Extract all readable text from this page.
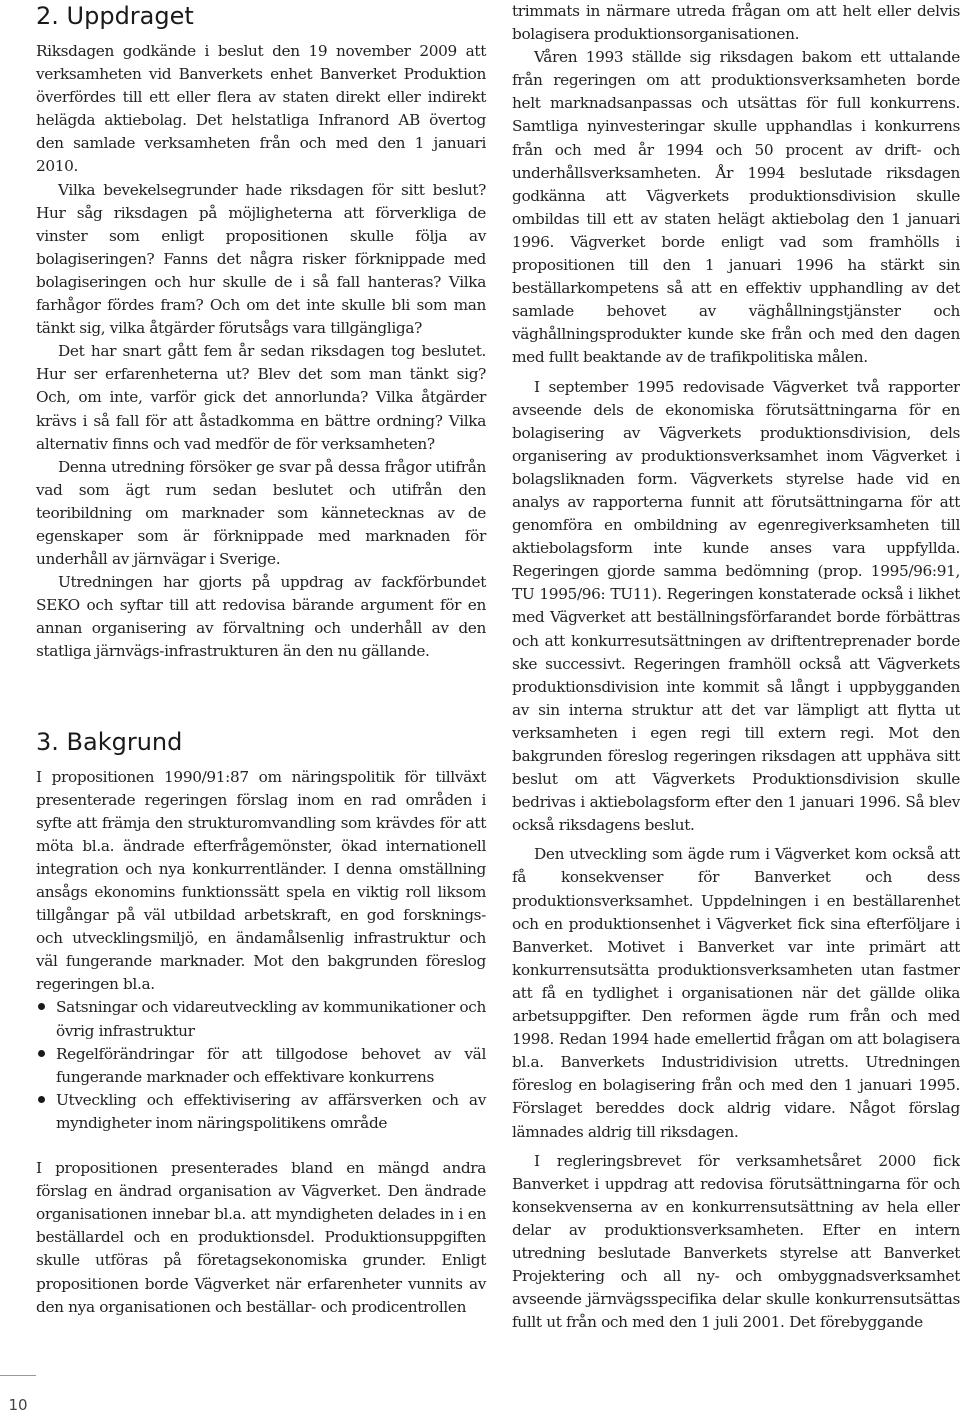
2. Uppdraget

Riksdagen godkände i beslut den 19 november 2009 att verksamheten vid Banverkets enhet Banverket Produktion överfördes till ett eller flera av staten direkt eller indirekt helägda aktiebolag. Det helstatliga Infranord AB övertog den samlade verksamheten från och med den 1 januari 2010.

Vilka bevekelsegrunder hade riksdagen för sitt beslut? Hur såg riksdagen på möjligheterna att förverkliga de vinster som enligt propositionen skulle följa av bolagiseringen? Fanns det några risker förknippade med bolagiseringen och hur skulle de i så fall hanteras? Vilka farhågor fördes fram? Och om det inte skulle bli som man tänkt sig, vilka åtgärder förutsågs vara tillgängliga?

Det har snart gått fem år sedan riksdagen tog beslutet. Hur ser erfarenheterna ut? Blev det som man tänkt sig? Och, om inte, varför gick det annorlunda? Vilka åtgärder krävs i så fall för att åstadkomma en bättre ordning? Vilka alternativ finns och vad medför de för verksamheten?

Denna utredning försöker ge svar på dessa frågor utifrån vad som ägt rum sedan beslutet och utifrån den teoribildning om marknader som kännetecknas av de egenskaper som är förknippade med marknaden för underhåll av järnvägar i Sverige.

Utredningen har gjorts på uppdrag av fackförbundet SEKO och syftar till att redovisa bärande argument för en annan organisering av förvaltning och underhåll av den statliga järnvägs-infrastrukturen än den nu gällande.

3. Bakgrund

I propositionen 1990/91:87 om näringspolitik för tillväxt presenterade regeringen förslag inom en rad områden i syfte att främja den strukturomvandling som krävdes för att möta bl.a. ändrade efterfrågemönster, ökad internationell integration och nya konkurrentländer. I denna omställning ansågs ekonomins funktionssätt spela en viktig roll liksom tillgångar på väl utbildad arbetskraft, en god forsknings- och utvecklingsmiljö, en ändamålsenlig infrastruktur och väl fungerande marknader. Mot den bakgrunden föreslog regeringen bl.a.

Satsningar och vidareutveckling av kommunikationer och övrig infrastruktur
Regelförändringar för att tillgodose behovet av väl fungerande marknader och effektivare konkurrens
Utveckling och effektivisering av affärsverken och av myndigheter inom näringspolitikens område

I propositionen presenterades bland en mängd andra förslag en ändrad organisation av Vägverket. Den ändrade organisationen innebar bl.a. att myndigheten delades in i en beställardel och en produktionsdel. Produktionsuppgiften skulle utföras på företagsekonomiska grunder. Enligt propositionen borde Vägverket när erfarenheter vunnits av den nya organisationen och beställar- och prodicentrollen

trimmats in närmare utreda frågan om att helt eller delvis bolagisera produktionsorganisationen.

Våren 1993 ställde sig riksdagen bakom ett uttalande från regeringen om att produktionsverksamheten borde helt marknadsanpassas och utsättas för full konkurrens. Samtliga nyinvesteringar skulle upphandlas i konkurrens från och med år 1994 och 50 procent av drift- och underhållsverksamheten. År 1994 beslutade riksdagen godkänna att Vägverkets produktionsdivision skulle ombildas till ett av staten helägt aktiebolag den 1 januari 1996. Vägverket borde enligt vad som framhölls i propositionen till den 1 januari 1996 ha stärkt sin beställarkompetens så att en effektiv upphandling av det samlade behovet av väghållningstjänster och väghållningsprodukter kunde ske från och med den dagen med fullt beaktande av de trafikpolitiska målen.

I september 1995 redovisade Vägverket två rapporter avseende dels de ekonomiska förutsättningarna för en bolagisering av Vägverkets produktionsdivision, dels organisering av produktionsverksamhet inom Vägverket i bolagsliknaden form. Vägverkets styrelse hade vid en analys av rapporterna funnit att förutsättningarna för att genomföra en ombildning av egenregiverksamheten till aktiebolagsform inte kunde anses vara uppfyllda. Regeringen gjorde samma bedömning (prop. 1995/96:91, TU 1995/96: TU11). Regeringen konstaterade också i likhet med Vägverket att beställningsförfarandet borde förbättras och att konkurresutsättningen av driftentreprenader borde ske successivt. Regeringen framhöll också att Vägverkets produktionsdivision inte kommit så långt i uppbygganden av sin interna struktur att det var lämpligt att flytta ut verksamheten i egen regi till extern regi. Mot den bakgrunden föreslog regeringen riksdagen att upphäva sitt beslut om att Vägverkets Produktionsdivision skulle bedrivas i aktiebolagsform efter den 1 januari 1996. Så blev också riksdagens beslut.

Den utveckling som ägde rum i Vägverket kom också att få konsekvenser för Banverket och dess produktionsverksamhet. Uppdelningen i en beställarenhet och en produktionsenhet i Vägverket fick sina efterföljare i Banverket. Motivet i Banverket var inte primärt att konkurrensutsätta produktionsverksamheten utan fastmer att få en tydlighet i organisationen när det gällde olika arbetsuppgifter. Den reformen ägde rum från och med 1998. Redan 1994 hade emellertid frågan om att bolagisera bl.a. Banverkets Industridivision utretts. Utredningen föreslog en bolagisering från och med den 1 januari 1995. Förslaget bereddes dock aldrig vidare. Något förslag lämnades aldrig till riksdagen.

I regleringsbrevet för verksamhetsåret 2000 fick Banverket i uppdrag att redovisa förutsättningarna för och konsekvenserna av en konkurrensutsättning av hela eller delar av produktionsverksamheten. Efter en intern utredning beslutade Banverkets styrelse att Banverket Projektering och all ny- och ombyggnadsverksamhet avseende järnvägsspecifika delar skulle konkurrensutsättas fullt ut från och med den 1 juli 2001. Det förebyggande

10
